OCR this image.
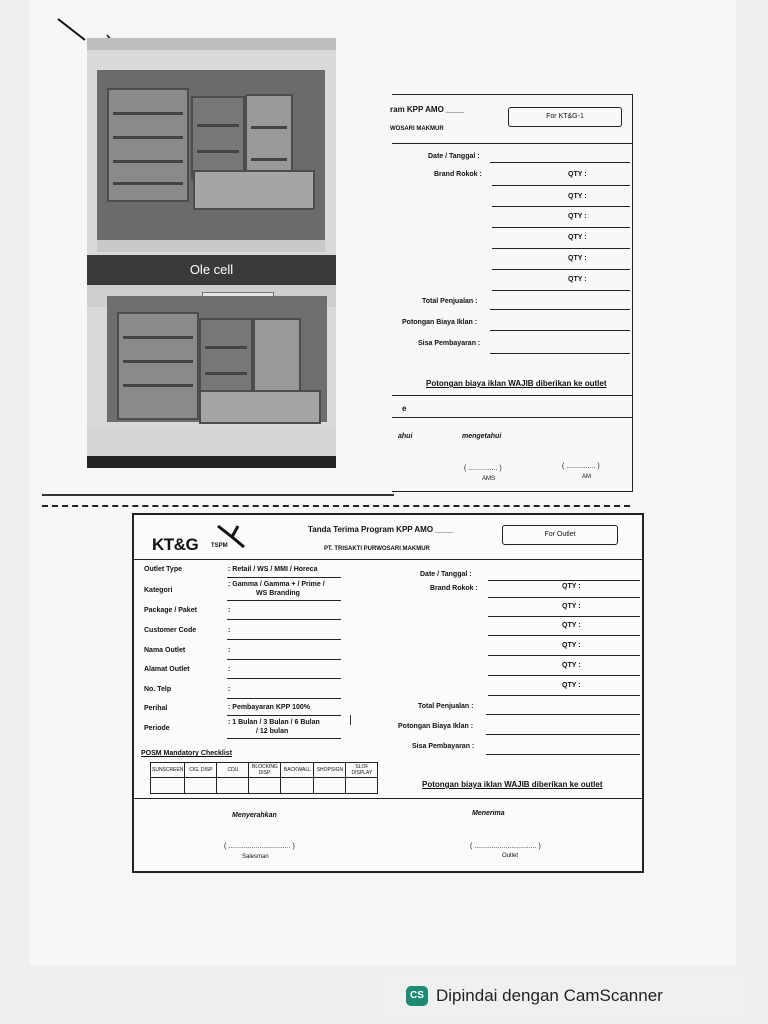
Ole cell
ram KPP AMO ____
WOSARI MAKMUR
For KT&G-1
Date / Tanggal :
Brand Rokok :	QTY :
QTY :
QTY :
QTY :
QTY :
QTY :
Total Penjualan :
Potongan Biaya Iklan :
Sisa Pembayaran :
Potongan biaya iklan WAJIB diberikan ke outlet
e
ahui	mengetahui
( ............... )
AMS
( ............... )
AM
KT&G TSPM
Tanda Terima Program KPP AMO ____
PT. TRISAKTI PURWOSARI MAKMUR
For Outlet
Outlet Type	: Retail / WS / MMI / Horeca
Kategori
: Gamma / Gamma + / Prime /
WS Branding
Package / Paket	:
Customer Code	:
Nama Outlet	:
Alamat Outlet	:
No. Telp	:
Perihal	: Pembayaran KPP 100%
Periode
: 1 Bulan / 3 Bulan / 6 Bulan
/ 12 bulan
Date / Tanggal :
Brand Rokok :	QTY :
QTY :
QTY :
QTY :
QTY :
QTY :
Total Penjualan :
Potongan Biaya Iklan :
Sisa Pembayaran :
POSM Mandatory Checklist
SUNSCREEN	CIG. DISP	CDU	BLOCKING DISP.	BACKWALL	SHOPSIGN	SLOF DISPLAY

Potongan biaya iklan WAJIB diberikan ke outlet
Menyerahkan	Menerima
( ................................ )
Salesman
( ................................ )
Outlet
CS Dipindai dengan CamScanner
